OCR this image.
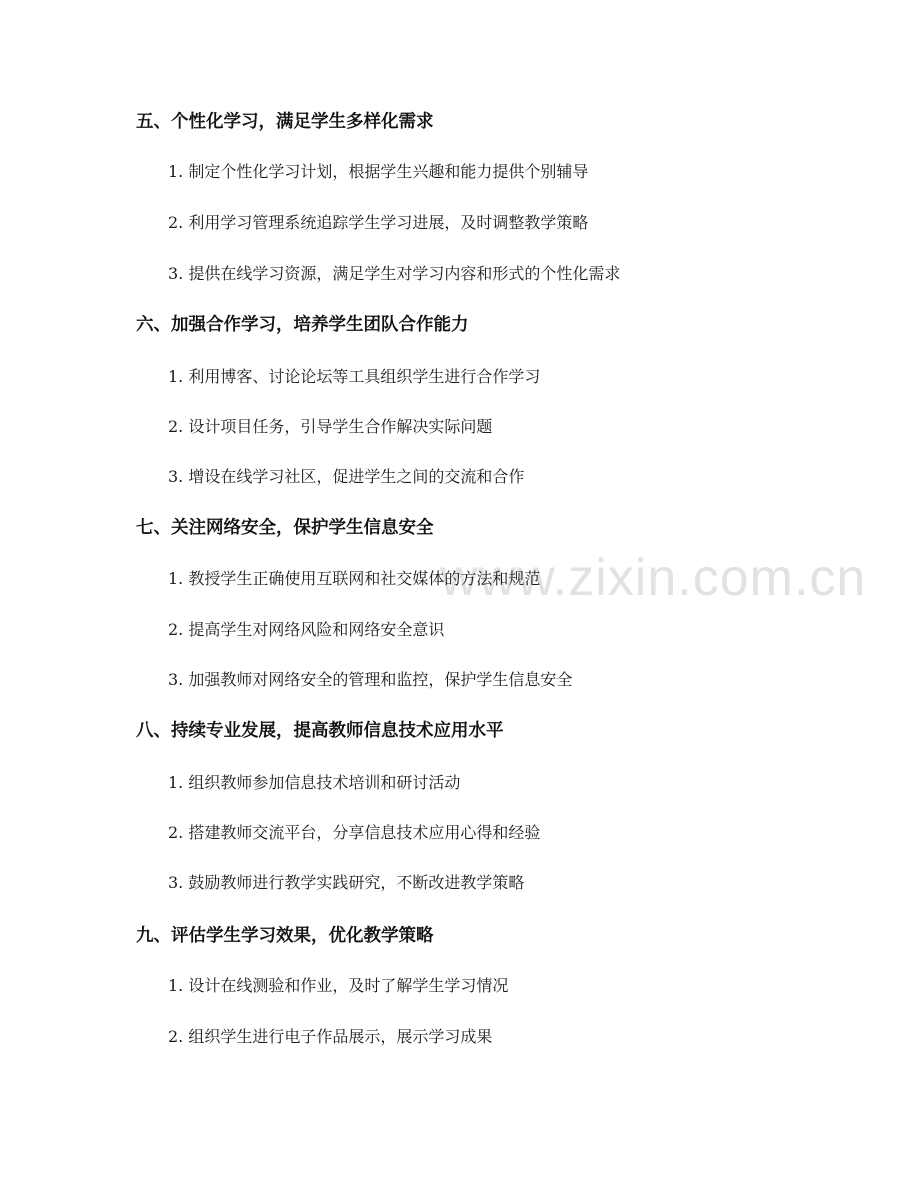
www.zixin.com.cn
五、个性化学习，满足学生多样化需求
1. 制定个性化学习计划，根据学生兴趣和能力提供个别辅导
2. 利用学习管理系统追踪学生学习进展，及时调整教学策略
3. 提供在线学习资源，满足学生对学习内容和形式的个性化需求
六、加强合作学习，培养学生团队合作能力
1. 利用博客、讨论论坛等工具组织学生进行合作学习
2. 设计项目任务，引导学生合作解决实际问题
3. 增设在线学习社区，促进学生之间的交流和合作
七、关注网络安全，保护学生信息安全
1. 教授学生正确使用互联网和社交媒体的方法和规范
2. 提高学生对网络风险和网络安全意识
3. 加强教师对网络安全的管理和监控，保护学生信息安全
八、持续专业发展，提高教师信息技术应用水平
1. 组织教师参加信息技术培训和研讨活动
2. 搭建教师交流平台，分享信息技术应用心得和经验
3. 鼓励教师进行教学实践研究，不断改进教学策略
九、评估学生学习效果，优化教学策略
1. 设计在线测验和作业，及时了解学生学习情况
2. 组织学生进行电子作品展示，展示学习成果
